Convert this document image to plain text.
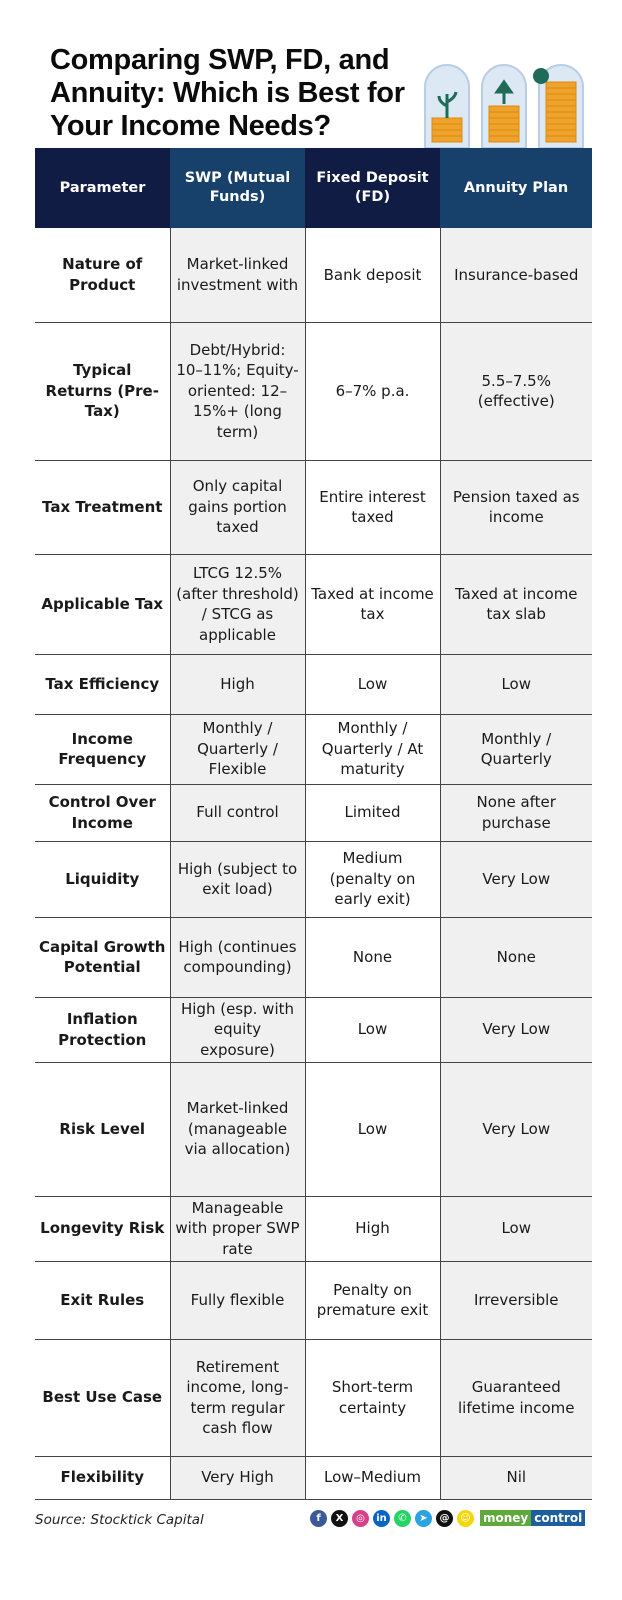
Comparing SWP, FD, and Annuity: Which is Best for Your Income Needs?
Parameter	SWP (Mutual Funds)	Fixed Deposit (FD)	Annuity Plan
Nature of Product	Market-linked investment with	Bank deposit	Insurance-based
Typical Returns (Pre-Tax)	Debt/Hybrid: 10–11%; Equity-oriented: 12–15%+ (long term)	6–7% p.a.	5.5–7.5% (effective)
Tax Treatment	Only capital gains portion taxed	Entire interest taxed	Pension taxed as income
Applicable Tax	LTCG 12.5% (after threshold) / STCG as applicable	Taxed at income tax	Taxed at income tax slab
Tax Efficiency	High	Low	Low
Income Frequency	Monthly / Quarterly / Flexible	Monthly / Quarterly / At maturity	Monthly / Quarterly
Control Over Income	Full control	Limited	None after purchase
Liquidity	High (subject to exit load)	Medium (penalty on early exit)	Very Low
Capital Growth Potential	High (continues compounding)	None	None
Inflation Protection	High (esp. with equity exposure)	Low	Very Low
Risk Level	Market-linked (manageable via allocation)	Low	Very Low
Longevity Risk	Manageable with proper SWP rate	High	Low
Exit Rules	Fully flexible	Penalty on premature exit	Irreversible
Best Use Case	Retirement income, long-term regular cash flow	Short-term certainty	Guaranteed lifetime income
Flexibility	Very High	Low–Medium	Nil
Source: Stocktick Capital	f	X	◎	in	✆	➤	@	☺ money control
